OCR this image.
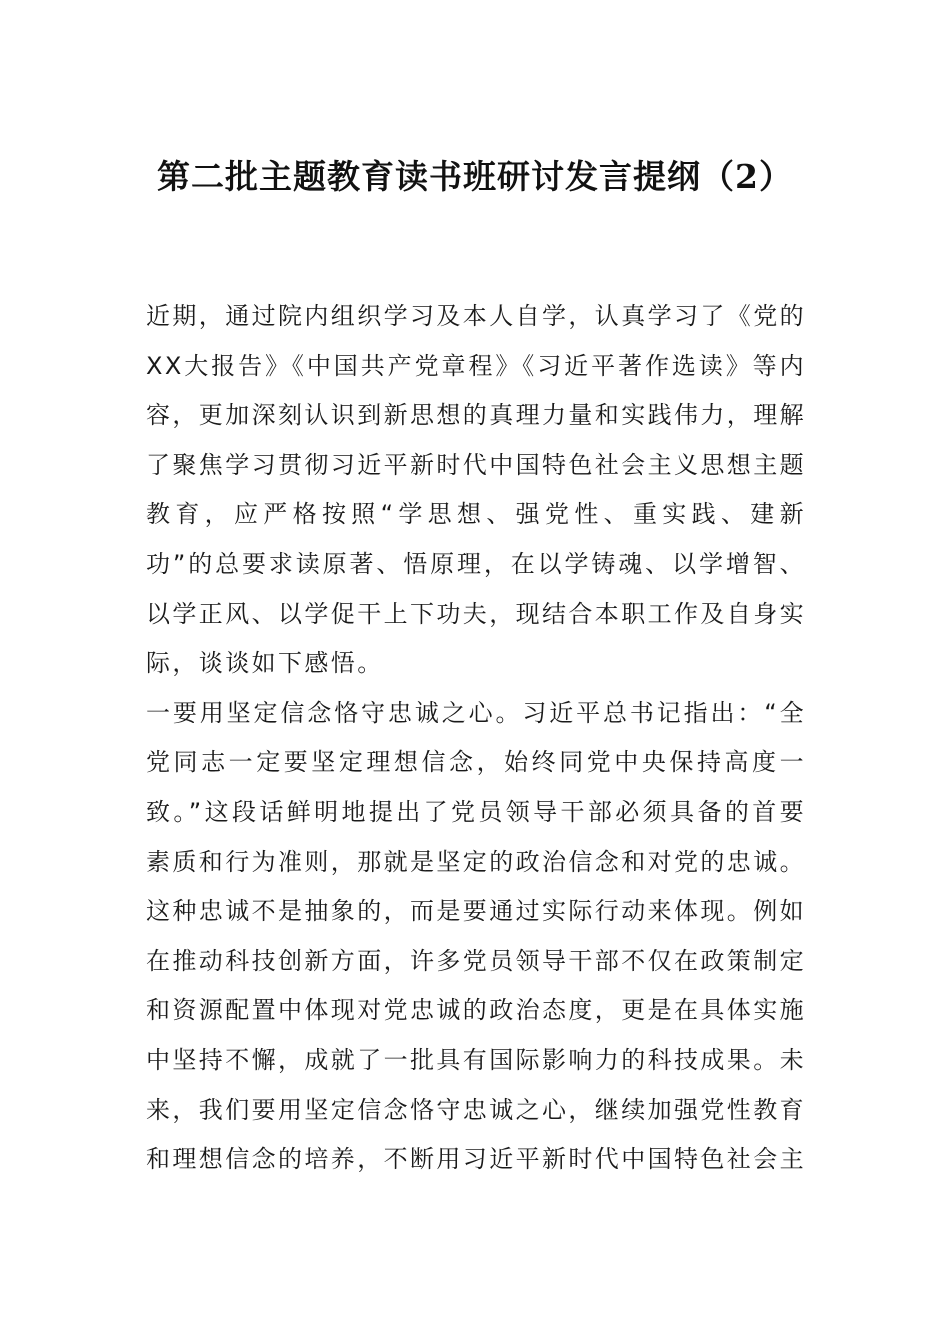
第二批主题教育读书班研讨发言提纲（2）

近期，通过院内组织学习及本人自学，认真学习了《党的XX大报告》《中国共产党章程》《习近平著作选读》等内容，更加深刻认识到新思想的真理力量和实践伟力，理解了聚焦学习贯彻习近平新时代中国特色社会主义思想主题教育，应严格按照“学思想、强党性、重实践、建新功”的总要求读原著、悟原理，在以学铸魂、以学增智、以学正风、以学促干上下功夫，现结合本职工作及自身实际，谈谈如下感悟。

一要用坚定信念恪守忠诚之心。习近平总书记指出：“全党同志一定要坚定理想信念，始终同党中央保持高度一致。”这段话鲜明地提出了党员领导干部必须具备的首要素质和行为准则，那就是坚定的政治信念和对党的忠诚。这种忠诚不是抽象的，而是要通过实际行动来体现。例如在推动科技创新方面，许多党员领导干部不仅在政策制定和资源配置中体现对党忠诚的政治态度，更是在具体实施中坚持不懈，成就了一批具有国际影响力的科技成果。未来，我们要用坚定信念恪守忠诚之心，继续加强党性教育和理想信念的培养，不断用习近平新时代中国特色社会主
